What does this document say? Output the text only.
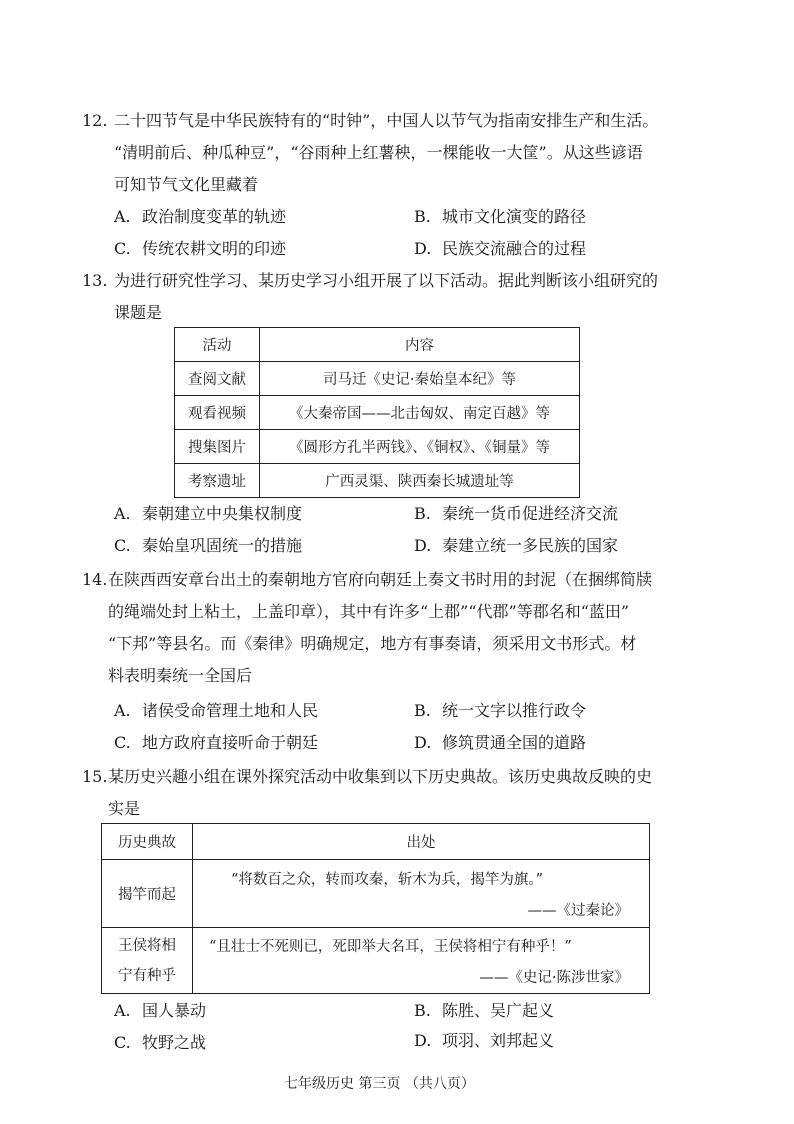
12. 二十四节气是中华民族特有的“时钟”，中国人以节气为指南安排生产和生活。
“清明前后、种瓜种豆”，“谷雨种上红薯秧，一棵能收一大筐”。从这些谚语
可知节气文化里藏着
A. 政治制度变革的轨迹	B. 城市文化演变的路径
C. 传统农耕文明的印迹	D. 民族交流融合的过程
13. 为进行研究性学习、某历史学习小组开展了以下活动。据此判断该小组研究的
课题是
活动	内容
查阅文献	司马迁《史记·秦始皇本纪》等
观看视频	《大秦帝国——北击匈奴、南定百越》等
搜集图片	《圆形方孔半两钱》、《铜权》、《铜量》等
考察遗址	广西灵渠、陕西秦长城遗址等
A. 秦朝建立中央集权制度	B. 秦统一货币促进经济交流
C. 秦始皇巩固统一的措施	D. 秦建立统一多民族的国家
14. 在陕西西安章台出土的秦朝地方官府向朝廷上奏文书时用的封泥（在捆绑简牍
的绳端处封上粘土，上盖印章），其中有许多“上郡”“代郡”等郡名和“蓝田”
“下邦”等县名。而《秦律》明确规定，地方有事奏请，须采用文书形式。材
料表明秦统一全国后
A. 诸侯受命管理土地和人民	B. 统一文字以推行政令
C. 地方政府直接听命于朝廷	D. 修筑贯通全国的道路
15. 某历史兴趣小组在课外探究活动中收集到以下历史典故。该历史典故反映的史
实是
历史典故	出处
揭竿而起	“将数百之众，转而攻秦，斩木为兵，揭竿为旗。”
——《过秦论》

王侯将相
宁有种乎	“且壮士不死则已，死即举大名耳，王侯将相宁有种乎！”
——《史记·陈涉世家》
A. 国人暴动	B. 陈胜、吴广起义
C. 牧野之战	D. 项羽、刘邦起义
七年级历史 第三页 （共八页）
